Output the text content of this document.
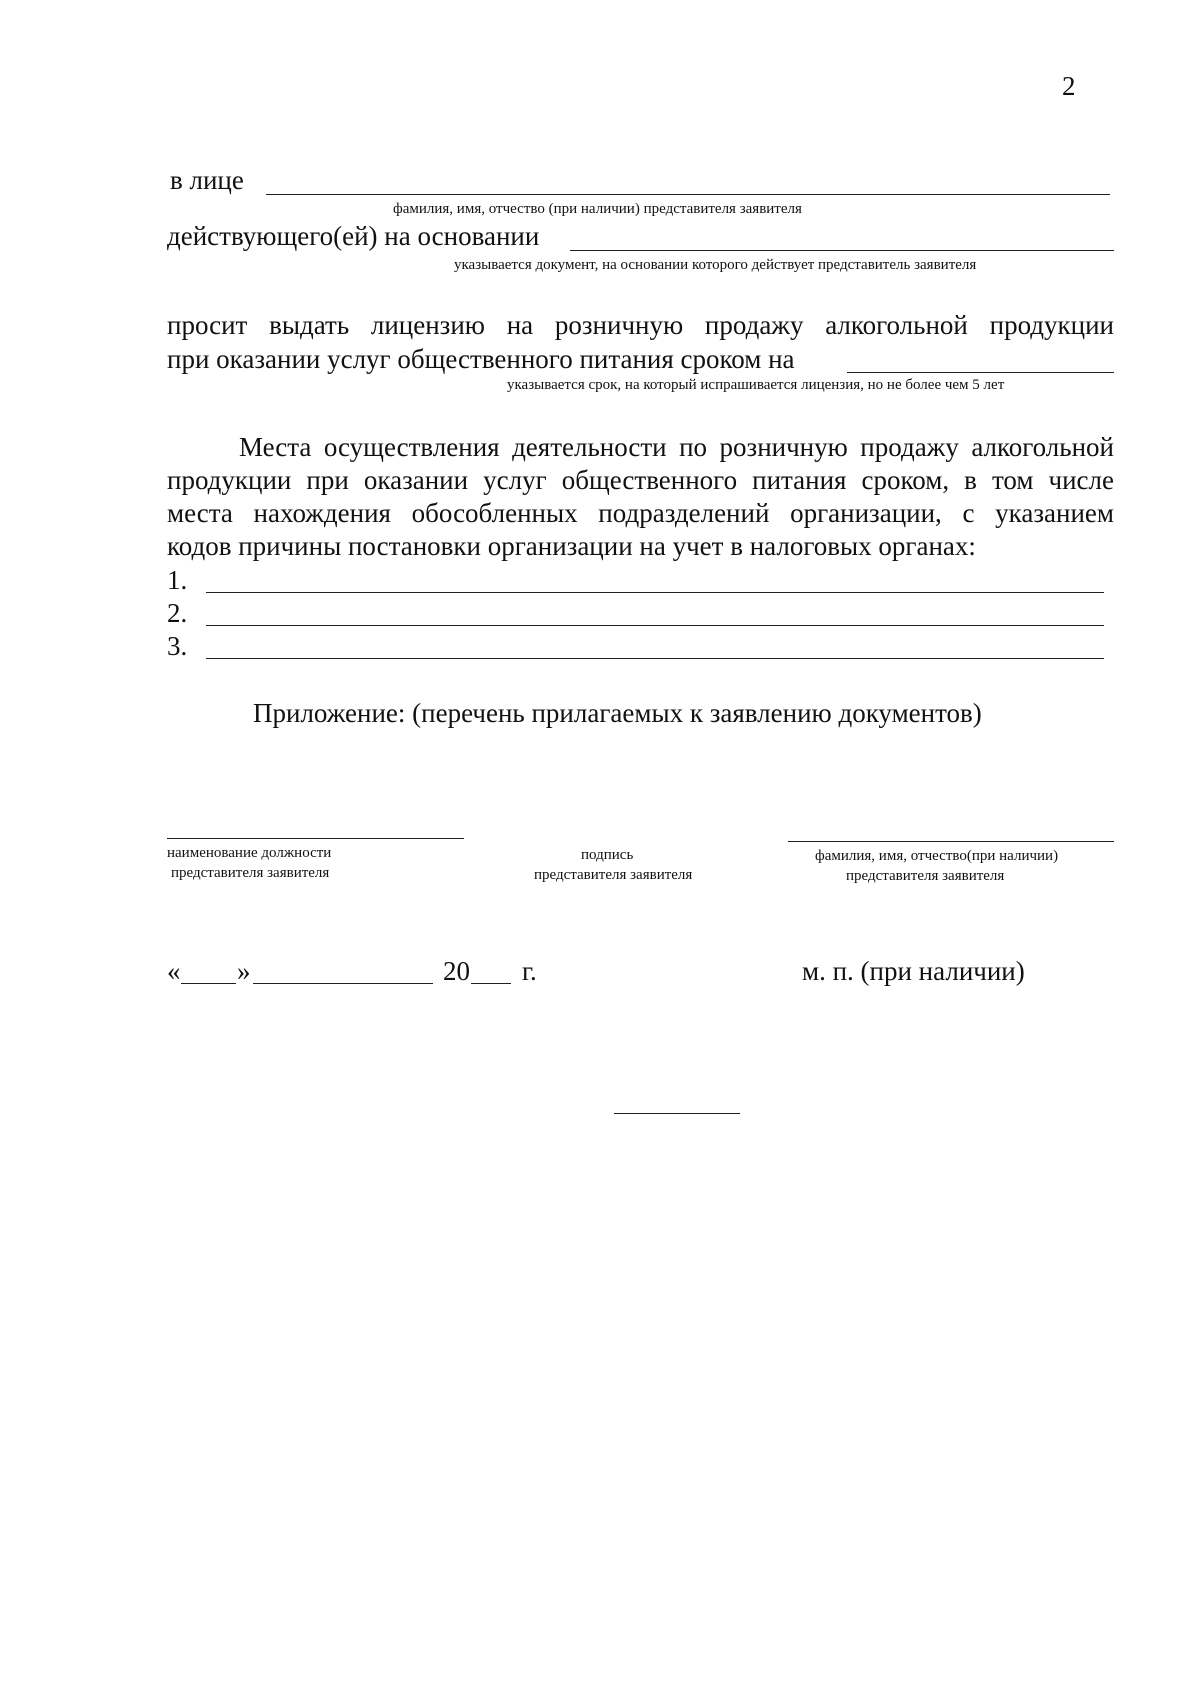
2
в лице
фамилия, имя, отчество (при наличии) представителя заявителя
действующего(ей) на основании
указывается документ, на основании которого действует представитель заявителя
просит выдать лицензию на розничную продажу алкогольной продукции
при оказании услуг общественного питания сроком на
указывается срок, на который испрашивается лицензия, но не более чем 5 лет
Места осуществления деятельности по розничную продажу алкогольной
продукции при оказании услуг общественного питания сроком, в том числе
места нахождения обособленных подразделений организации, с указанием
кодов причины постановки организации на учет в налоговых органах:
1.
2.
3.
Приложение: (перечень прилагаемых к заявлению документов)
наименование должности
представителя заявителя
подпись
представителя заявителя
фамилия, имя, отчество(при наличии)
представителя заявителя
« »	20 г.	м. п. (при наличии)
